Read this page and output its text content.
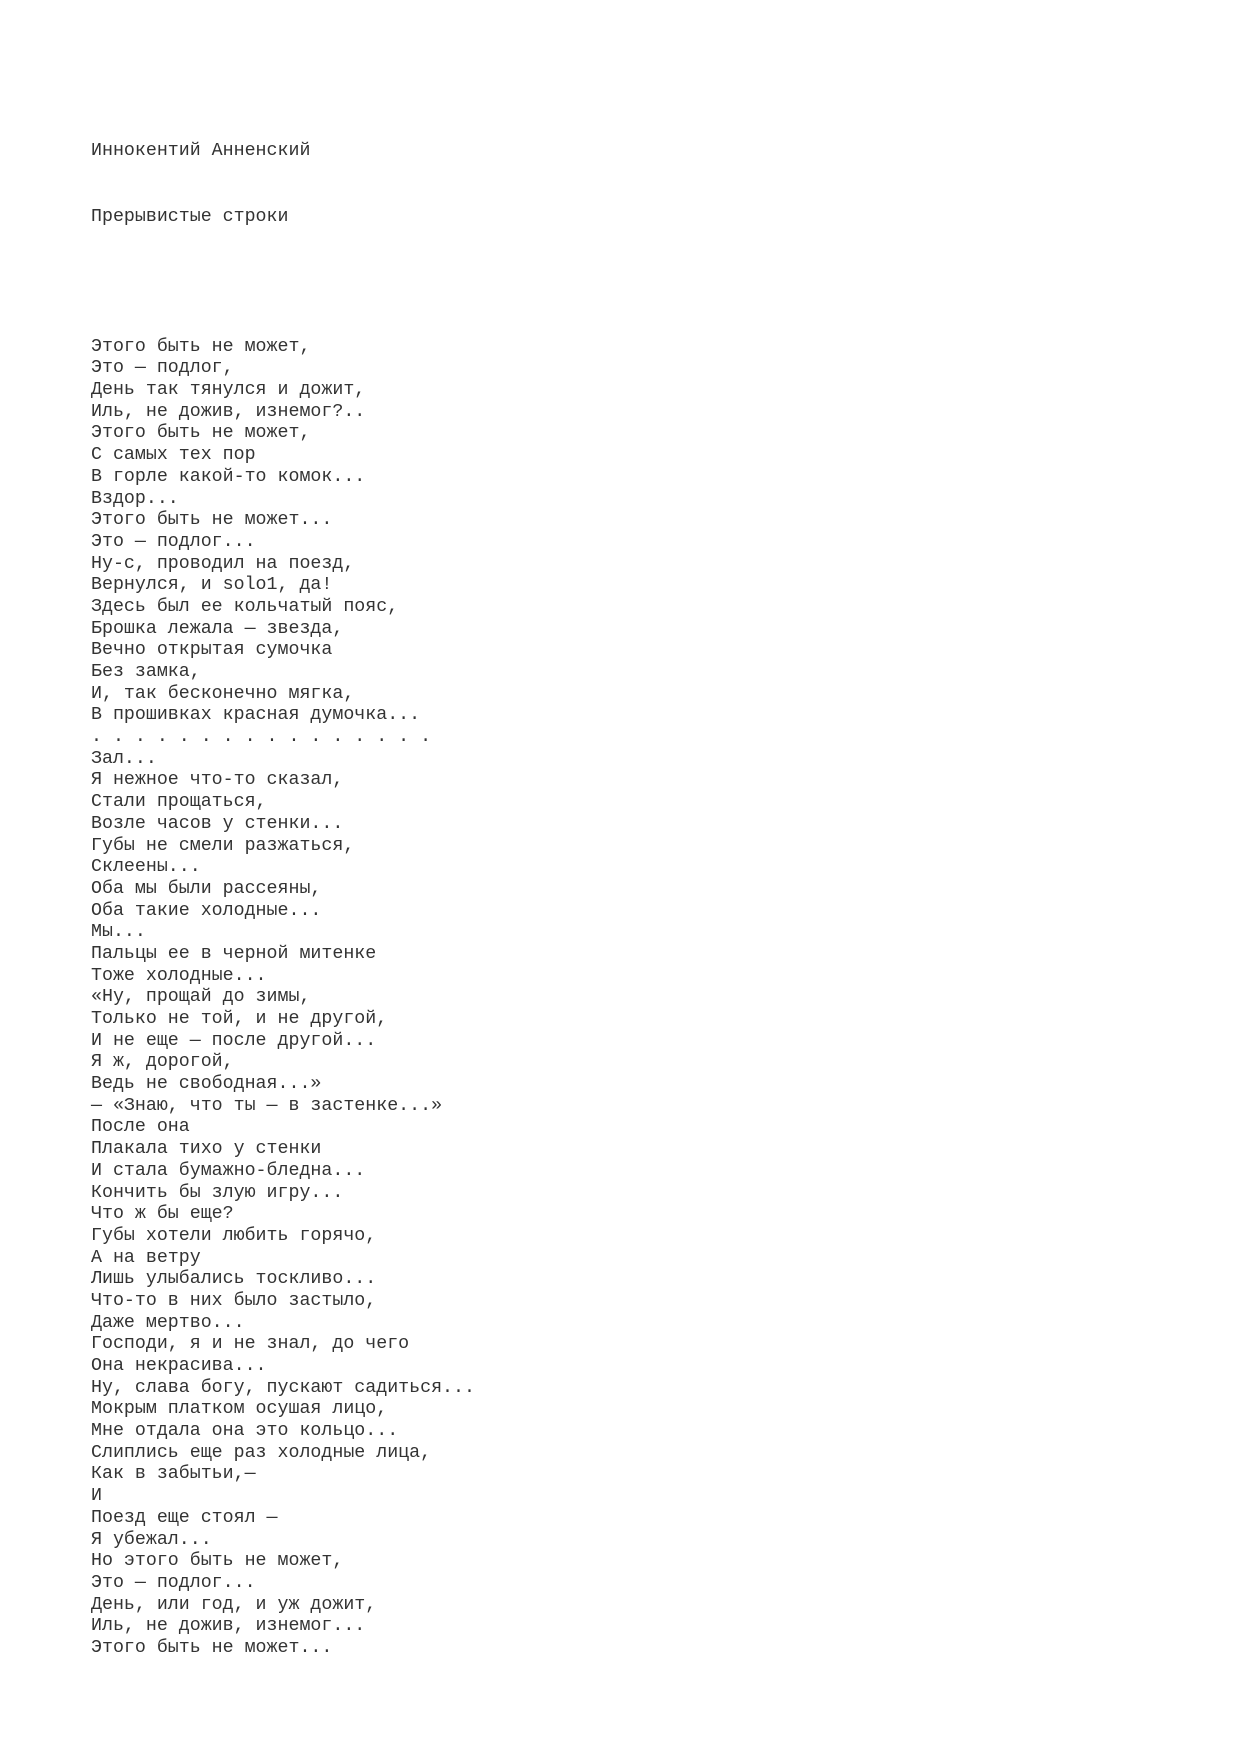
Иннокентий Анненский

Прерывистые строки

Этого быть не может,
Это — подлог,
День так тянулся и дожит,
Иль, не дожив, изнемог?..
Этого быть не может,
С самых тех пор
В горле какой-то комок...
Вздор...
Этого быть не может...
Это — подлог...
Ну-с, проводил на поезд,
Вернулся, и solo1, да!
Здесь был ее кольчатый пояс,
Брошка лежала — звезда,
Вечно открытая сумочка
Без замка,
И, так бесконечно мягка,
В прошивках красная думочка...
. . . . . . . . . . . . . . . .
Зал...
Я нежное что-то сказал,
Стали прощаться,
Возле часов у стенки...
Губы не смели разжаться,
Склеены...
Оба мы были рассеяны,
Оба такие холодные...
Мы...
Пальцы ее в черной митенке
Тоже холодные...
«Ну, прощай до зимы,
Только не той, и не другой,
И не еще — после другой...
Я ж, дорогой,
Ведь не свободная...»
— «Знаю, что ты — в застенке...»
После она
Плакала тихо у стенки
И стала бумажно-бледна...
Кончить бы злую игру...
Что ж бы еще?
Губы хотели любить горячо,
А на ветру
Лишь улыбались тоскливо...
Что-то в них было застыло,
Даже мертво...
Господи, я и не знал, до чего
Она некрасива...
Ну, слава богу, пускают садиться...
Мокрым платком осушая лицо,
Мне отдала она это кольцо...
Слиплись еще раз холодные лица,
Как в забытьи,—
И
Поезд еще стоял —
Я убежал...
Но этого быть не может,
Это — подлог...
День, или год, и уж дожит,
Иль, не дожив, изнемог...
Этого быть не может...
